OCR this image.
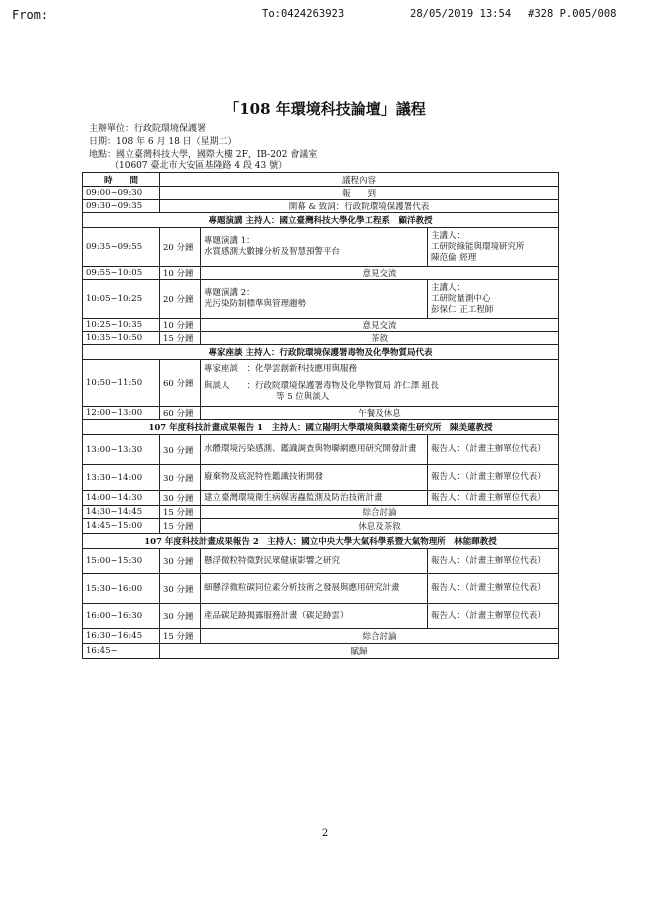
From:	To:0424263923	28/05/2019 13:54 #328 P.005/008
「108 年環境科技論壇」議程
主辦單位：行政院環境保護署
日期：108 年 6 月 18 日（星期二）
地點：國立臺灣科技大學，國際大樓 2F，IB-202 會議室
（10607 臺北市大安區基隆路 4 段 43 號）
時　　間	議程內容		
09:00~09:30	報　　到		
09:30~09:35	開幕 & 致詞：行政院環境保護署代表		
專題演講 主持人：國立臺灣科技大學化學工程系　顧洋教授			
09:35~09:55	20 分鐘	專題演講 1：
水質感測大數據分析及智慧預警平台	主講人：
工研院綠能與環境研究所
陳范倫 經理

09:55~10:05	10 分鐘	意見交流	
10:05~10:25	20 分鐘	專題演講 2：
光污染防制標準與管理趨勢	主講人：
工研院量測中心
彭保仁 正工程師

10:25~10:35	10 分鐘	意見交流	
10:35~10:50	15 分鐘	茶敘	
專家座談 主持人：行政院環境保護署毒物及化學物質局代表			
10:50~11:50	60 分鐘	專家座談　：化學雲創新科技應用與服務
與談人　　：行政院環境保護署毒物及化學物質局 許仁澤 組長
等 5 位與談人	

12:00~13:00	60 分鐘	午餐及休息	
107 年度科技計畫成果報告 1　主持人：國立陽明大學環境與職業衛生研究所　陳美蓮教授			
13:00~13:30	30 分鐘	水體環境污染感測、鑑識調查與物聯網應用研究開發計畫	報告人：（計畫主辦單位代表）

13:30~14:00	30 分鐘	廢棄物及底泥特性鑑識技術開發	報告人：（計畫主辦單位代表）

14:00~14:30	30 分鐘	建立臺灣環境衛生病媒害蟲監測及防治技術計畫	報告人：（計畫主辦單位代表）

14:30~14:45	15 分鐘	綜合討論	
14:45~15:00	15 分鐘	休息及茶敘	
107 年度科技計畫成果報告 2　主持人：國立中央大學大氣科學系暨大氣物理所　林能暉教授			
15:00~15:30	30 分鐘	懸浮微粒特徵對民眾健康影響之研究	報告人：（計畫主辦單位代表）

15:30~16:00	30 分鐘	細懸浮微粒碳同位素分析技術之發展與應用研究計畫	報告人：（計畫主辦單位代表）

16:00~16:30	30 分鐘	產品碳足跡揭露服務計畫（碳足跡雲）	報告人：（計畫主辦單位代表）

16:30~16:45	15 分鐘	綜合討論	
16:45~	賦歸		
2
